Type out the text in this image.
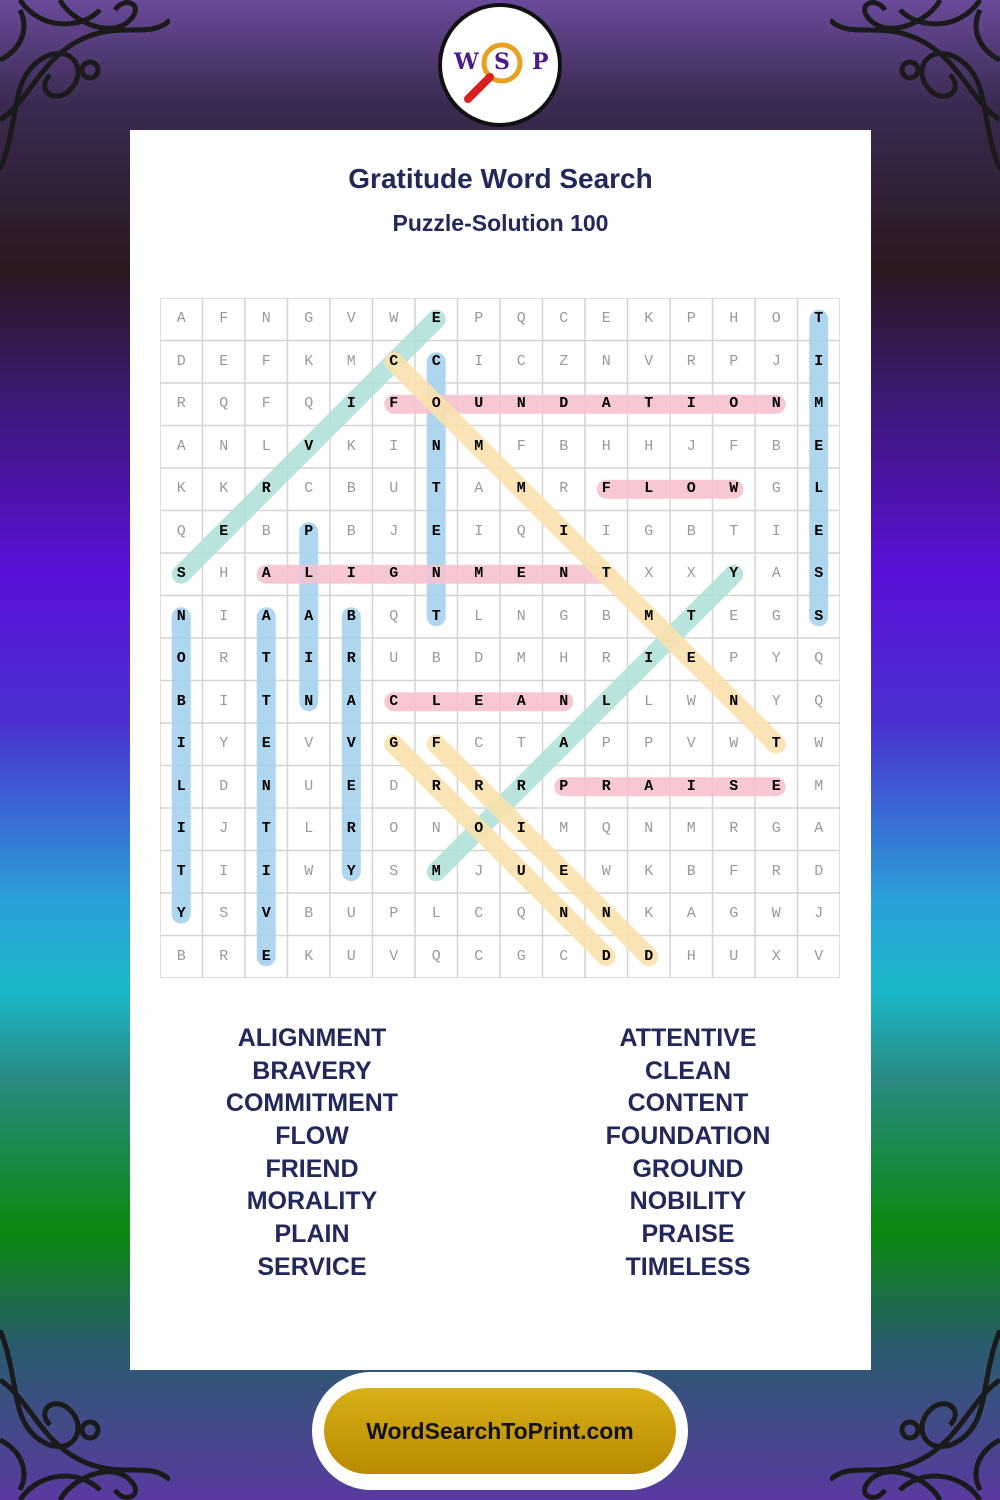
W S P
Gratitude Word Search
Puzzle-Solution 100
A	F	N	G	V	W	E	P	Q	C	E	K	P	H	O	T
D	E	F	K	M	C	C	I	C	Z	N	V	R	P	J	I
R	Q	F	Q	I	F	O	U	N	D	A	T	I	O	N	M
A	N	L	V	K	I	N	M	F	B	H	H	J	F	B	E
K	K	R	C	B	U	T	A	M	R	F	L	O	W	G	L
Q	E	B	P	B	J	E	I	Q	I	I	G	B	T	I	E
S	H	A	L	I	G	N	M	E	N	T	X	X	Y	A	S
N	I	A	A	B	Q	T	L	N	G	B	M	T	E	G	S
O	R	T	I	R	U	B	D	M	H	R	I	E	P	Y	Q
B	I	T	N	A	C	L	E	A	N	L	L	W	N	Y	Q
I	Y	E	V	V	G	F	C	T	A	P	P	V	W	T	W
L	D	N	U	E	D	R	R	R	P	R	A	I	S	E	M
I	J	T	L	R	O	N	O	I	M	Q	N	M	R	G	A
T	I	I	W	Y	S	M	J	U	E	W	K	B	F	R	D
Y	S	V	B	U	P	L	C	Q	N	N	K	A	G	W	J
B	R	E	K	U	V	Q	C	G	C	D	D	H	U	X	V
ALIGNMENT
BRAVERY
COMMITMENT
FLOW
FRIEND
MORALITY
PLAIN
SERVICE
ATTENTIVE
CLEAN
CONTENT
FOUNDATION
GROUND
NOBILITY
PRAISE
TIMELESS
WordSearchToPrint.com
